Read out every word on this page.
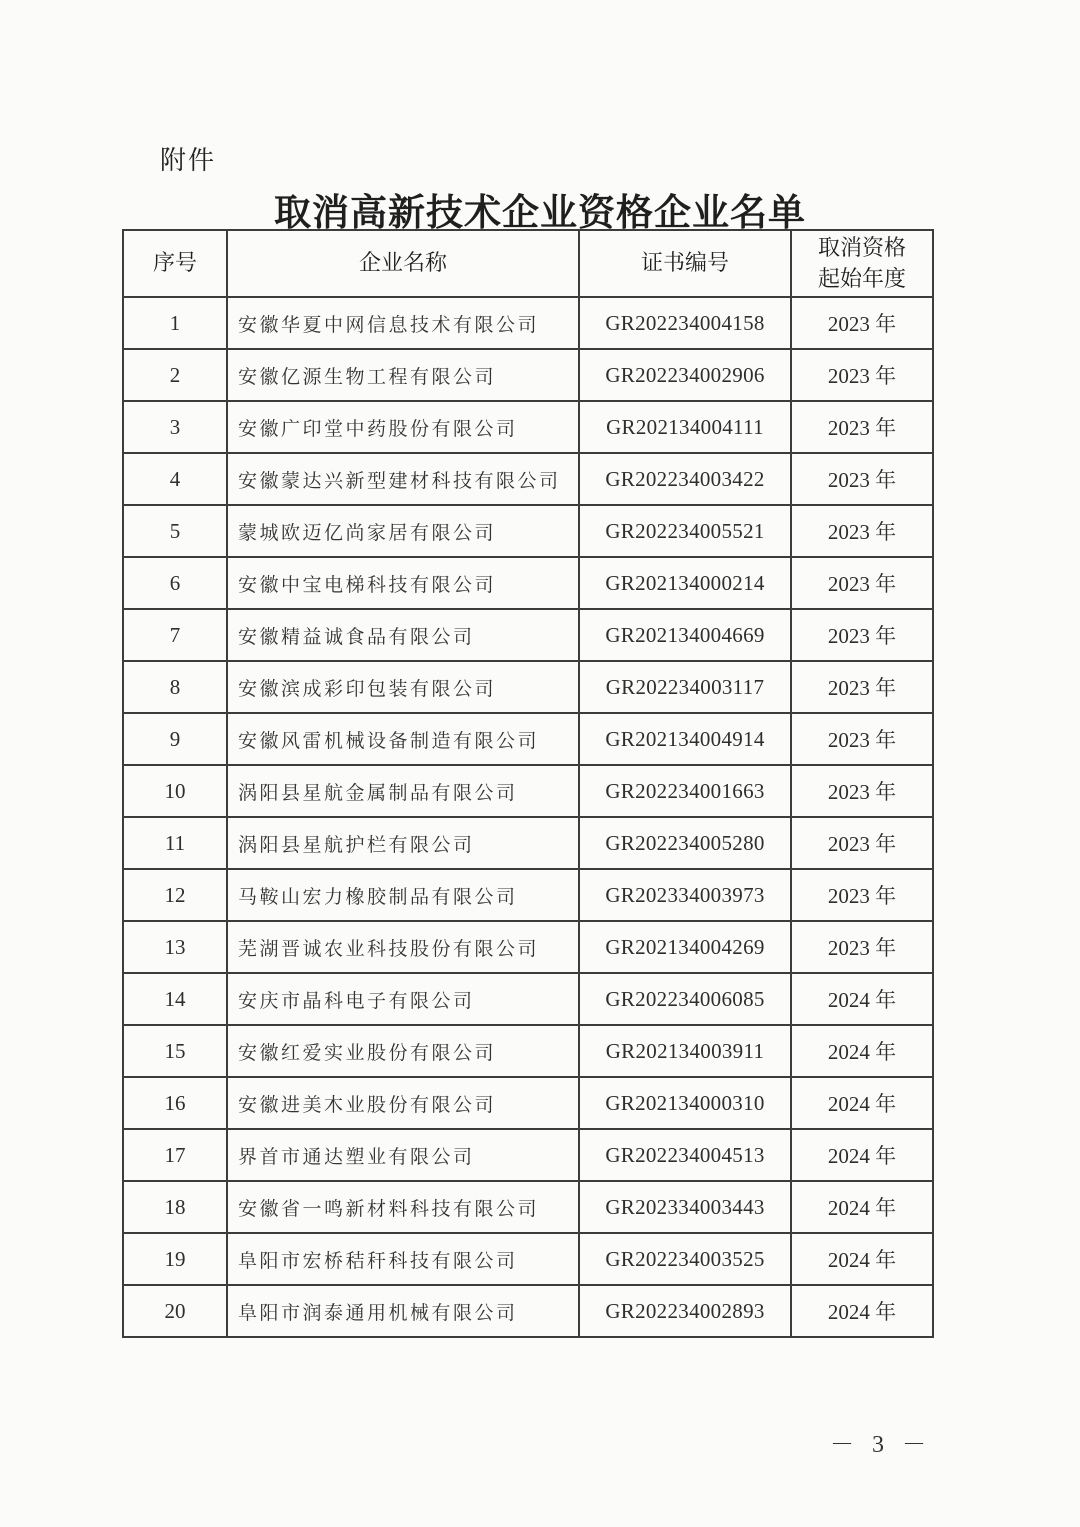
附件
取消高新技术企业资格企业名单
序号	企业名称	证书编号	取消资格
起始年度
1	安徽华夏中网信息技术有限公司	GR202234004158	2023 年
2	安徽亿源生物工程有限公司	GR202234002906	2023 年
3	安徽广印堂中药股份有限公司	GR202134004111	2023 年
4	安徽蒙达兴新型建材科技有限公司	GR202234003422	2023 年
5	蒙城欧迈亿尚家居有限公司	GR202234005521	2023 年
6	安徽中宝电梯科技有限公司	GR202134000214	2023 年
7	安徽精益诚食品有限公司	GR202134004669	2023 年
8	安徽滨成彩印包装有限公司	GR202234003117	2023 年
9	安徽风雷机械设备制造有限公司	GR202134004914	2023 年
10	涡阳县星航金属制品有限公司	GR202234001663	2023 年
11	涡阳县星航护栏有限公司	GR202234005280	2023 年
12	马鞍山宏力橡胶制品有限公司	GR202334003973	2023 年
13	芜湖晋诚农业科技股份有限公司	GR202134004269	2023 年
14	安庆市晶科电子有限公司	GR202234006085	2024 年
15	安徽红爱实业股份有限公司	GR202134003911	2024 年
16	安徽进美木业股份有限公司	GR202134000310	2024 年
17	界首市通达塑业有限公司	GR202234004513	2024 年
18	安徽省一鸣新材料科技有限公司	GR202334003443	2024 年
19	阜阳市宏桥秸秆科技有限公司	GR202234003525	2024 年
20	阜阳市润泰通用机械有限公司	GR202234002893	2024 年
－ 3 －
